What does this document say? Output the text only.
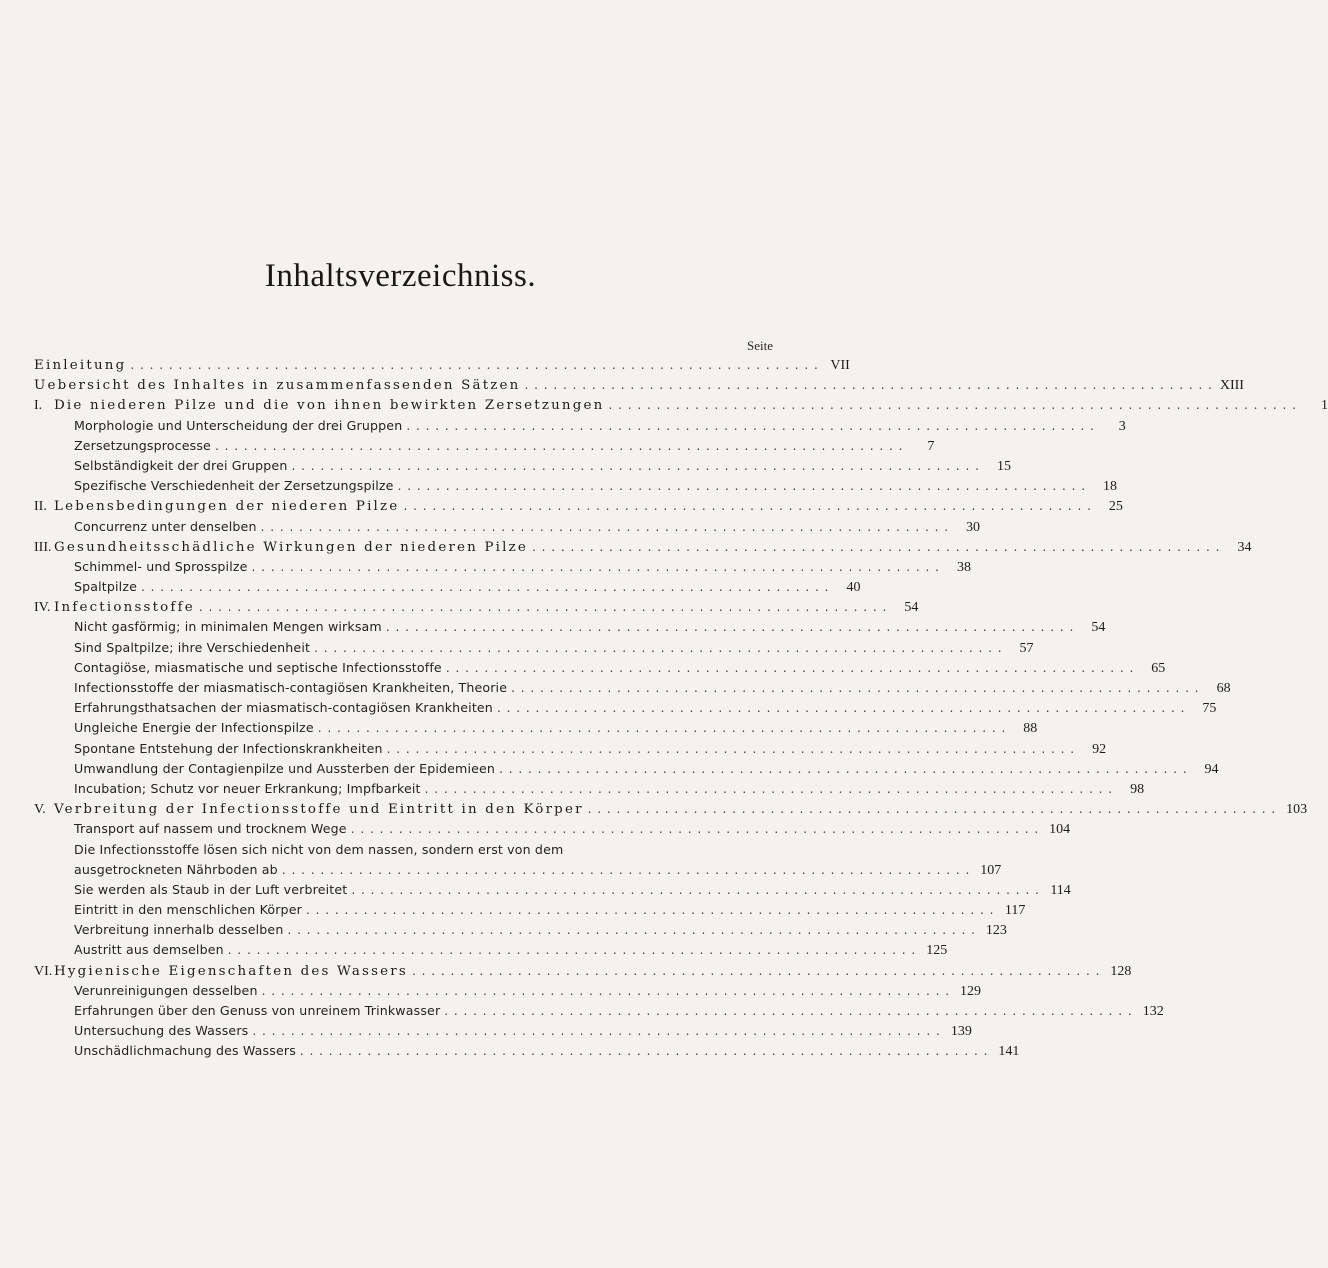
Inhaltsverzeichniss.
Seite
Einleitung . . .	VII
Uebersicht des Inhaltes in zusammenfassenden Sätzen . . .	XIII
I. Die niederen Pilze und die von ihnen bewirkten Zersetzungen . . .	1
Morphologie und Unterscheidung der drei Gruppen . . .	3
Zersetzungsprocesse . . .	7
Selbständigkeit der drei Gruppen . . .	15
Spezifische Verschiedenheit der Zersetzungspilze . . .	18
II. Lebensbedingungen der niederen Pilze . . .	25
Concurrenz unter denselben . . .	30
III. Gesundheitsschädliche Wirkungen der niederen Pilze . . .	34
Schimmel- und Sprosspilze . . .	38
Spaltpilze . . .	40
IV. Infectionsstoffe . . .	54
Nicht gasförmig; in minimalen Mengen wirksam . . .	54
Sind Spaltpilze; ihre Verschiedenheit . . .	57
Contagiöse, miasmatische und septische Infectionsstoffe . . .	65
Infectionsstoffe der miasmatisch-contagiösen Krankheiten, Theorie . . .	68
Erfahrungsthatsachen der miasmatisch-contagiösen Krankheiten . . .	75
Ungleiche Energie der Infectionspilze . . .	88
Spontane Entstehung der Infectionskrankheiten . . .	92
Umwandlung der Contagienpilze und Aussterben der Epidemieen . . .	94
Incubation; Schutz vor neuer Erkrankung; Impfbarkeit . . .	98
V. Verbreitung der Infectionsstoffe und Eintritt in den Körper . . .	103
Transport auf nassem und trocknem Wege . . .	104
Die Infectionsstoffe lösen sich nicht von dem nassen, sondern erst von dem
ausgetrockneten Nährboden ab . . .	107
Sie werden als Staub in der Luft verbreitet . . .	114
Eintritt in den menschlichen Körper . . .	117
Verbreitung innerhalb desselben . . .	123
Austritt aus demselben . . .	125
VI. Hygienische Eigenschaften des Wassers . . .	128
Verunreinigungen desselben . . .	129
Erfahrungen über den Genuss von unreinem Trinkwasser . . .	132
Untersuchung des Wassers . . .	139
Unschädlichmachung des Wassers . . .	141
